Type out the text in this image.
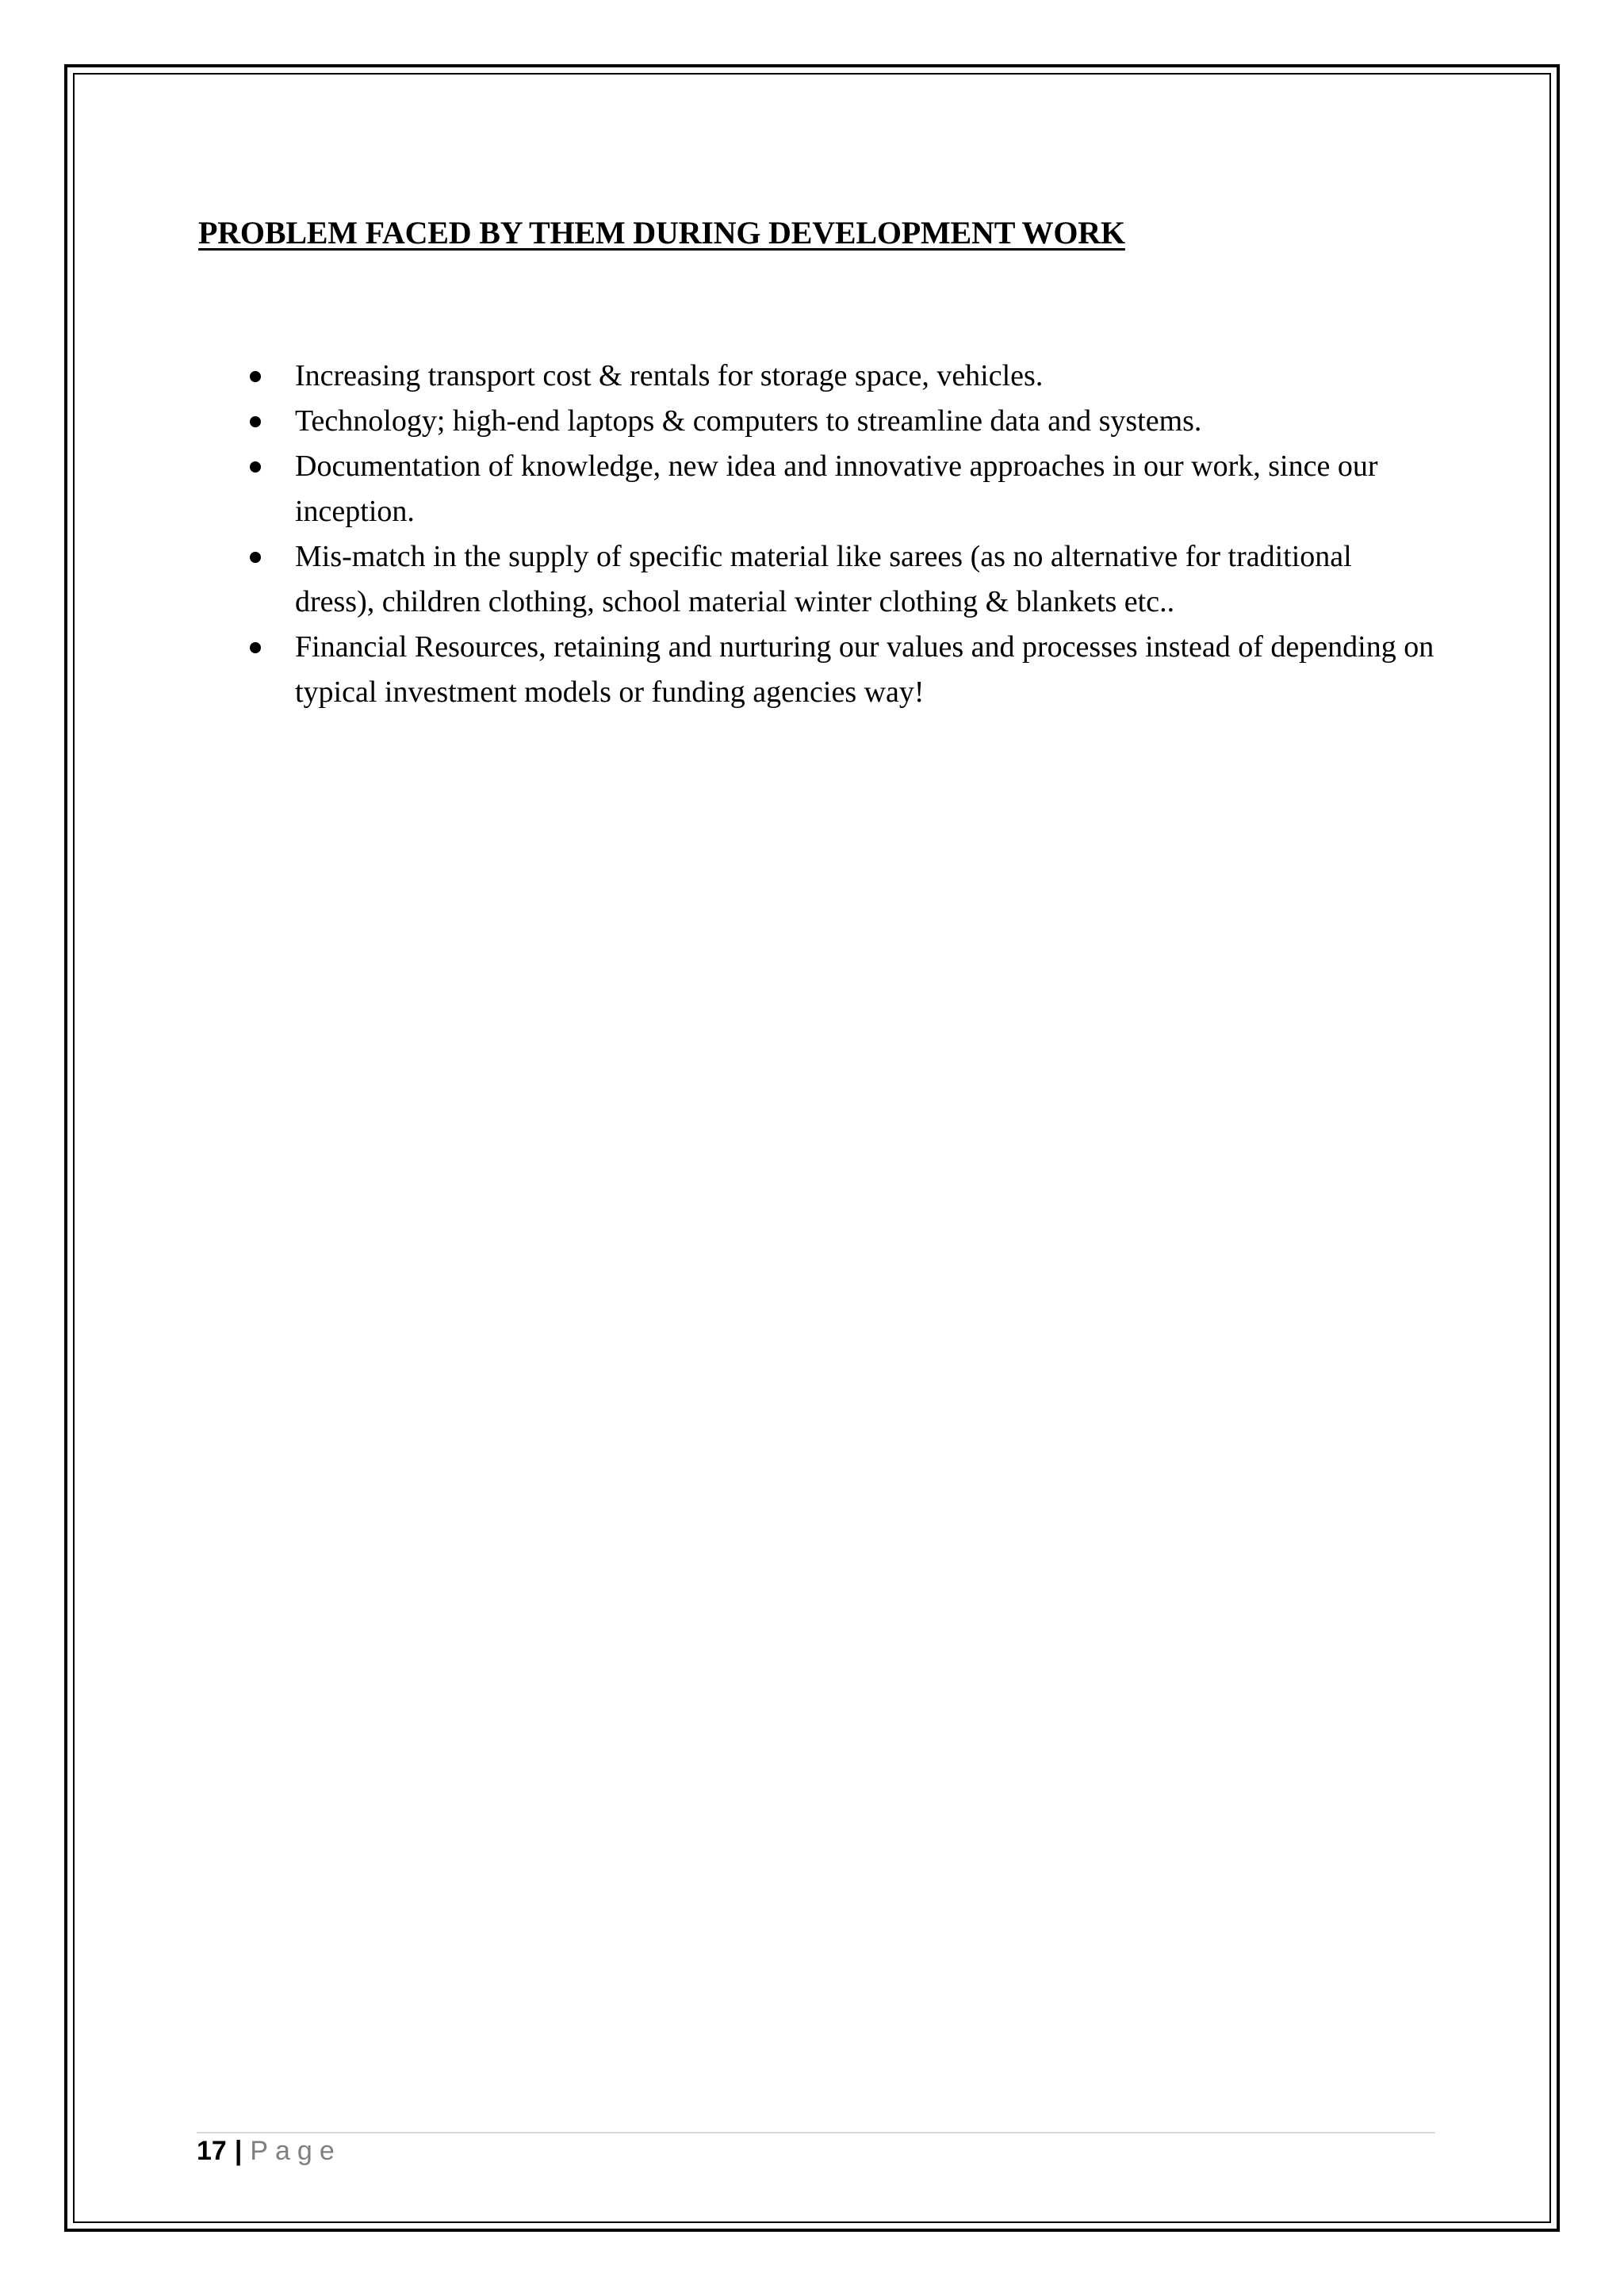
PROBLEM FACED BY THEM DURING DEVELOPMENT WORK
Increasing transport cost & rentals for storage space, vehicles.
Technology; high-end laptops & computers to streamline data and systems.
Documentation of knowledge, new idea and innovative approaches in our work, since our inception.
Mis-match in the supply of specific material like sarees (as no alternative for traditional dress), children clothing, school material winter clothing & blankets etc..
Financial Resources, retaining and nurturing our values and processes instead of depending on typical investment models or funding agencies way!
17 | Page
